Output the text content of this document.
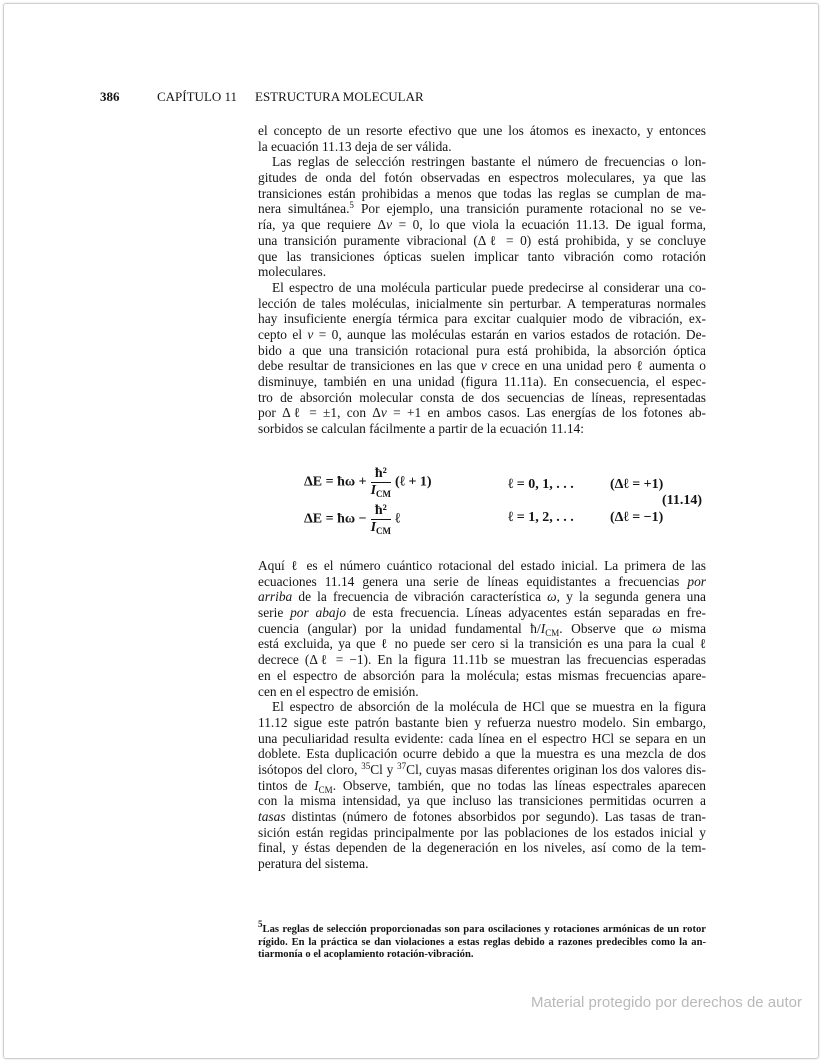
386	CAPÍTULO 11 ESTRUCTURA MOLECULAR
el concepto de un resorte efectivo que une los átomos es inexacto, y entonces
la ecuación 11.13 deja de ser válida.
Las reglas de selección restringen bastante el número de frecuencias o lon-
gitudes de onda del fotón observadas en espectros moleculares, ya que las
transiciones están prohibidas a menos que todas las reglas se cumplan de ma-
nera simultánea.$^5$ Por ejemplo, una transición puramente rotacional no se ve-
ría, ya que requiere Δv = 0, lo que viola la ecuación 11.13. De igual forma,
una transición puramente vibracional (Δℓ = 0) está prohibida, y se concluye
que las transiciones ópticas suelen implicar tanto vibración como rotación
moleculares.
El espectro de una molécula particular puede predecirse al considerar una co-
lección de tales moléculas, inicialmente sin perturbar. A temperaturas normales
hay insuficiente energía térmica para excitar cualquier modo de vibración, ex-
cepto el v = 0, aunque las moléculas estarán en varios estados de rotación. De-
bido a que una transición rotacional pura está prohibida, la absorción óptica
debe resultar de transiciones en las que v crece en una unidad pero ℓ aumenta o
disminuye, también en una unidad (figura 11.11a). En consecuencia, el espec-
tro de absorción molecular consta de dos secuencias de líneas, representadas
por Δℓ = ±1, con Δv = +1 en ambos casos. Las energías de los fotones ab-
sorbidos se calculan fácilmente a partir de la ecuación 11.14:
ΔE = ħω + $\frac{\text{ħ²}}{I_{CM}}$ (ℓ + 1)	ℓ = 0, 1, . . .	(Δℓ = +1)
ΔE = ħω − $\frac{\text{ħ²}}{I_{CM}}$ ℓ	ℓ = 1, 2, . . .	(Δℓ = −1)
(11.14)
Aquí ℓ es el número cuántico rotacional del estado inicial. La primera de las
ecuaciones 11.14 genera una serie de líneas equidistantes a frecuencias por
arriba de la frecuencia de vibración característica ω, y la segunda genera una
serie por abajo de esta frecuencia. Líneas adyacentes están separadas en fre-
cuencia (angular) por la unidad fundamental $ħ/I_{CM}$. Observe que ω misma
está excluida, ya que ℓ no puede ser cero si la transición es una para la cual ℓ
decrece (Δℓ = −1). En la figura 11.11b se muestran las frecuencias esperadas
en el espectro de absorción para la molécula; estas mismas frecuencias apare-
cen en el espectro de emisión.
El espectro de absorción de la molécula de HCl que se muestra en la figura
11.12 sigue este patrón bastante bien y refuerza nuestro modelo. Sin embargo,
una peculiaridad resulta evidente: cada línea en el espectro HCl se separa en un
doblete. Esta duplicación ocurre debido a que la muestra es una mezcla de dos
isótopos del cloro, $^{35}$Cl y $^{37}$Cl, cuyas masas diferentes originan los dos valores dis-
tintos de $I_{CM}$. Observe, también, que no todas las líneas espectrales aparecen
con la misma intensidad, ya que incluso las transiciones permitidas ocurren a
tasas distintas (número de fotones absorbidos por segundo). Las tasas de tran-
sición están regidas principalmente por las poblaciones de los estados inicial y
final, y éstas dependen de la degeneración en los niveles, así como de la tem-
peratura del sistema.
$^5$Las reglas de selección proporcionadas son para oscilaciones y rotaciones armónicas de un rotor
rígido. En la práctica se dan violaciones a estas reglas debido a razones predecibles como la an-
tiarmonía o el acoplamiento rotación-vibración.
Material protegido por derechos de autor
